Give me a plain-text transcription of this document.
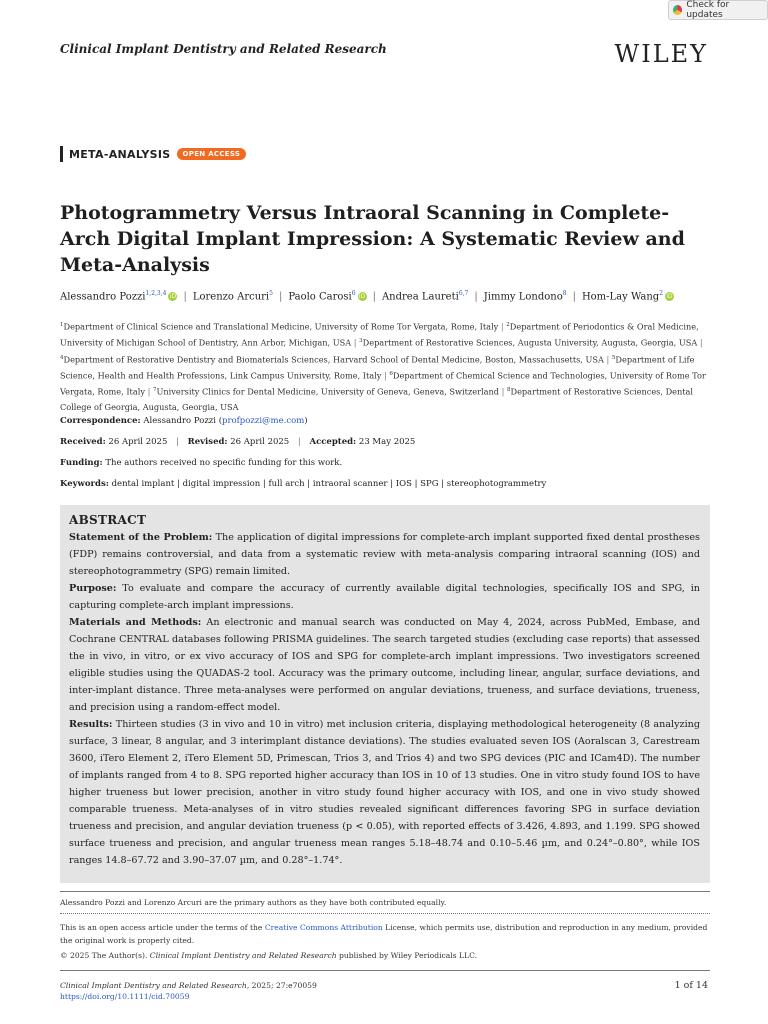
Check for updates
Clinical Implant Dentistry and Related Research	WILEY
META-ANALYSIS	OPEN ACCESS
Photogrammetry Versus Intraoral Scanning in Complete-Arch Digital Implant Impression: A Systematic Review and Meta-Analysis
Alessandro Pozzi$^{1,2,3,4}$ iD | Lorenzo Arcuri$^5$ | Paolo Carosi$^6$ iD | Andrea Laureti$^{6,7}$ | Jimmy Londono$^8$ | Hom-Lay Wang$^2$ iD
$^1$Department of Clinical Science and Translational Medicine, University of Rome Tor Vergata, Rome, Italy | $^2$Department of Periodontics & Oral Medicine, University of Michigan School of Dentistry, Ann Arbor, Michigan, USA | $^3$Department of Restorative Sciences, Augusta University, Augusta, Georgia, USA | $^4$Department of Restorative Dentistry and Biomaterials Sciences, Harvard School of Dental Medicine, Boston, Massachusetts, USA | $^5$Department of Life Science, Health and Health Professions, Link Campus University, Rome, Italy | $^6$Department of Chemical Science and Technologies, University of Rome Tor Vergata, Rome, Italy | $^7$University Clinics for Dental Medicine, University of Geneva, Geneva, Switzerland | $^8$Department of Restorative Sciences, Dental College of Georgia, Augusta, Georgia, USA
Correspondence: Alessandro Pozzi (profpozzi@me.com)
Received: 26 April 2025 | Revised: 26 April 2025 | Accepted: 23 May 2025
Funding: The authors received no specific funding for this work.
Keywords: dental implant | digital impression | full arch | intraoral scanner | IOS | SPG | stereophotogrammetry
ABSTRACT

Statement of the Problem: The application of digital impressions for complete-arch implant supported fixed dental prostheses (FDP) remains controversial, and data from a systematic review with meta-analysis comparing intraoral scanning (IOS) and stereophotogrammetry (SPG) remain limited.

Purpose: To evaluate and compare the accuracy of currently available digital technologies, specifically IOS and SPG, in capturing complete-arch implant impressions.

Materials and Methods: An electronic and manual search was conducted on May 4, 2024, across PubMed, Embase, and Cochrane CENTRAL databases following PRISMA guidelines. The search targeted studies (excluding case reports) that assessed the in vivo, in vitro, or ex vivo accuracy of IOS and SPG for complete-arch implant impressions. Two investigators screened eligible studies using the QUADAS-2 tool. Accuracy was the primary outcome, including linear, angular, surface deviations, and inter-implant distance. Three meta-analyses were performed on angular deviations, trueness, and surface deviations, trueness, and precision using a random-effect model.

Results: Thirteen studies (3 in vivo and 10 in vitro) met inclusion criteria, displaying methodological heterogeneity (8 analyzing surface, 3 linear, 8 angular, and 3 interimplant distance deviations). The studies evaluated seven IOS (Aoralscan 3, Carestream 3600, iTero Element 2, iTero Element 5D, Primescan, Trios 3, and Trios 4) and two SPG devices (PIC and ICam4D). The number of implants ranged from 4 to 8. SPG reported higher accuracy than IOS in 10 of 13 studies. One in vitro study found IOS to have higher trueness but lower precision, another in vitro study found higher accuracy with IOS, and one in vivo study showed comparable trueness. Meta-analyses of in vitro studies revealed significant differences favoring SPG in surface deviation trueness and precision, and angular deviation trueness (p < 0.05), with reported effects of 3.426, 4.893, and 1.199. SPG showed surface trueness and precision, and angular trueness mean ranges 5.18–48.74 and 0.10–5.46 µm, and 0.24°–0.80°, while IOS ranges 14.8–67.72 and 3.90–37.07 µm, and 0.28°–1.74°.

Alessandro Pozzi and Lorenzo Arcuri are the primary authors as they have both contributed equally.
This is an open access article under the terms of the Creative Commons Attribution License, which permits use, distribution and reproduction in any medium, provided the original work is properly cited.
© 2025 The Author(s). Clinical Implant Dentistry and Related Research published by Wiley Periodicals LLC.
Clinical Implant Dentistry and Related Research, 2025; 27:e70059
https://doi.org/10.1111/cid.70059
1 of 14
